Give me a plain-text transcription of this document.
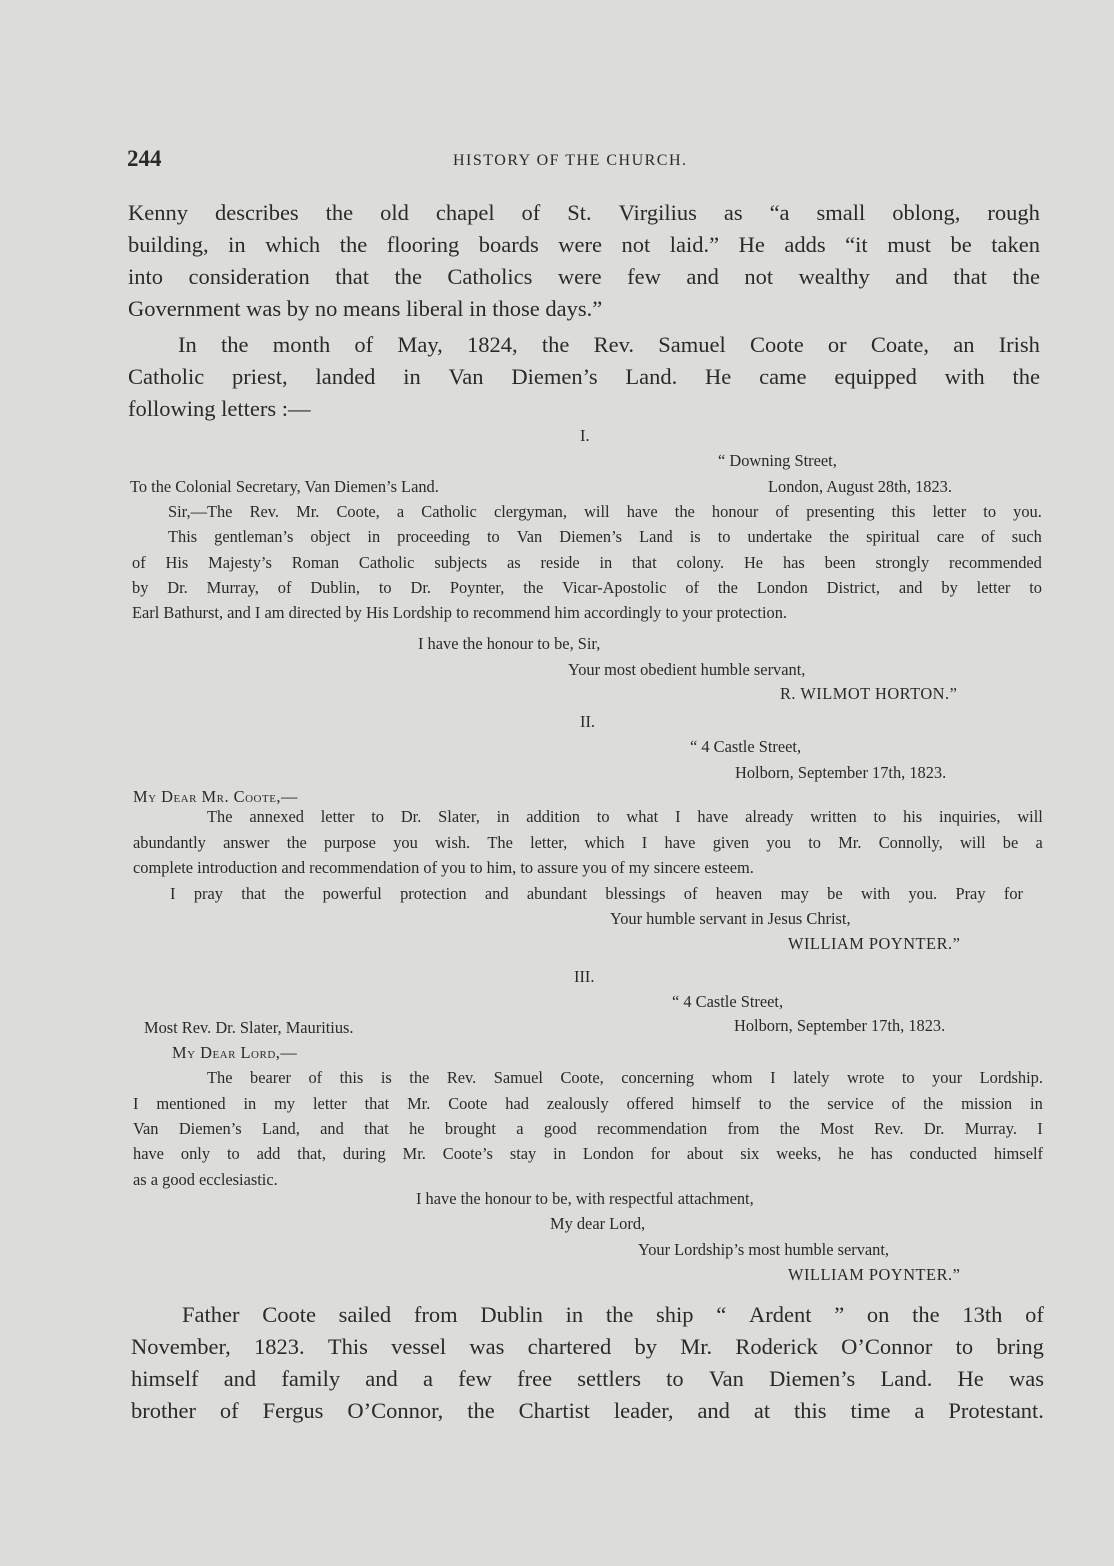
244	HISTORY OF THE CHURCH.
Kenny describes the old chapel of St. Virgilius as “a small oblong, rough
building, in which the flooring boards were not laid.” He adds “it must be taken
into consideration that the Catholics were few and not wealthy and that the
Government was by no means liberal in those days.”
In the month of May, 1824, the Rev. Samuel Coote or Coate, an Irish
Catholic priest, landed in Van Diemen’s Land. He came equipped with the
following letters :—
I.
“ Downing Street,
To the Colonial Secretary, Van Diemen’s Land.	London, August 28th, 1823.
Sir,—The Rev. Mr. Coote, a Catholic clergyman, will have the honour of presenting this letter to you.
This gentleman’s object in proceeding to Van Diemen’s Land is to undertake the spiritual care of such
of His Majesty’s Roman Catholic subjects as reside in that colony. He has been strongly recommended
by Dr. Murray, of Dublin, to Dr. Poynter, the Vicar-Apostolic of the London District, and by letter to
Earl Bathurst, and I am directed by His Lordship to recommend him accordingly to your protection.
I have the honour to be, Sir,
Your most obedient humble servant,
R. WILMOT HORTON.”
II.
“ 4 Castle Street,
Holborn, September 17th, 1823.
My Dear Mr. Coote,—
The annexed letter to Dr. Slater, in addition to what I have already written to his inquiries, will
abundantly answer the purpose you wish. The letter, which I have given you to Mr. Connolly, will be a
complete introduction and recommendation of you to him, to assure you of my sincere esteem.
I pray that the powerful protection and abundant blessings of heaven may be with you. Pray for
Your humble servant in Jesus Christ,
WILLIAM POYNTER.”
III.
“ 4 Castle Street,
Most Rev. Dr. Slater, Mauritius.	Holborn, September 17th, 1823.
My Dear Lord,—
The bearer of this is the Rev. Samuel Coote, concerning whom I lately wrote to your Lordship.
I mentioned in my letter that Mr. Coote had zealously offered himself to the service of the mission in
Van Diemen’s Land, and that he brought a good recommendation from the Most Rev. Dr. Murray. I
have only to add that, during Mr. Coote’s stay in London for about six weeks, he has conducted himself
as a good ecclesiastic.
I have the honour to be, with respectful attachment,
My dear Lord,
Your Lordship’s most humble servant,
WILLIAM POYNTER.”
Father Coote sailed from Dublin in the ship “ Ardent ” on the 13th of
November, 1823. This vessel was chartered by Mr. Roderick O’Connor to bring
himself and family and a few free settlers to Van Diemen’s Land. He was
brother of Fergus O’Connor, the Chartist leader, and at this time a Protestant.
